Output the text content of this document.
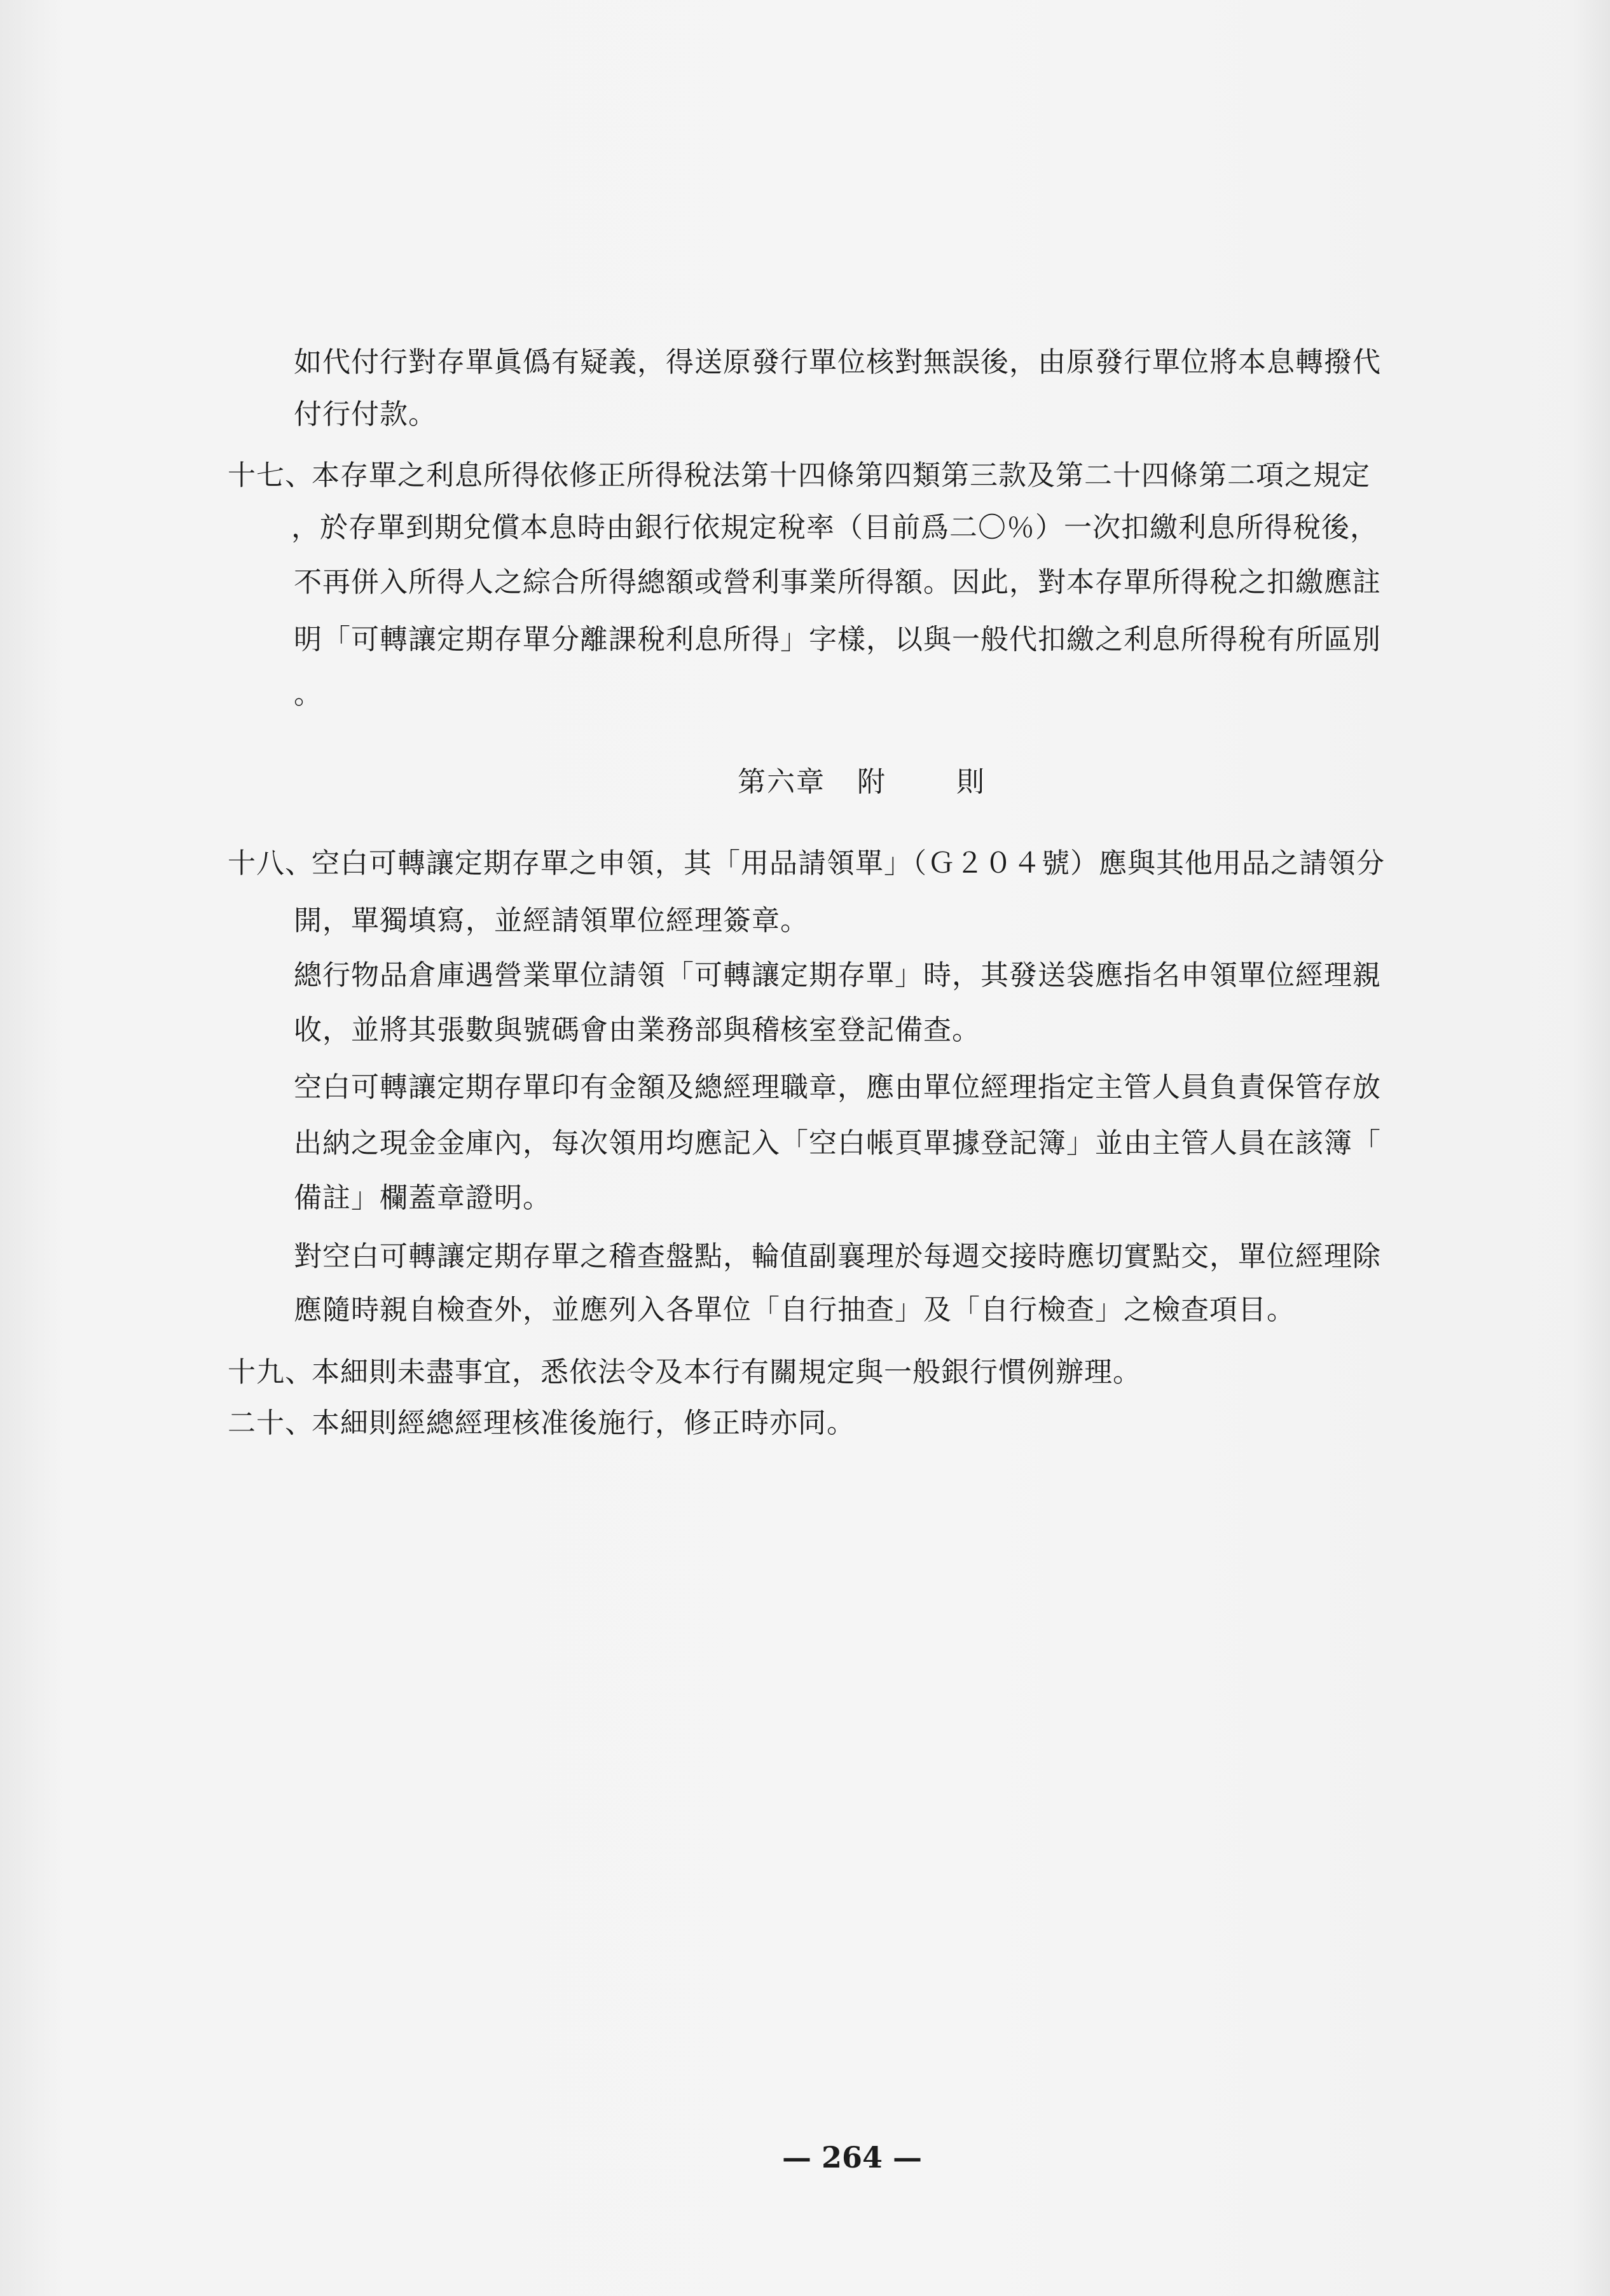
如代付行對存單眞僞有疑義，得送原發行單位核對無誤後，由原發行單位將本息轉撥代
付行付款。
十七、
本存單之利息所得依修正所得稅法第十四條第四類第三款及第二十四條第二項之規定
，於存單到期兌償本息時由銀行依規定稅率（目前爲二〇％）一次扣繳利息所得稅後，
不再併入所得人之綜合所得總額或營利事業所得額。因此，對本存單所得稅之扣繳應註
明「可轉讓定期存單分離課稅利息所得」字樣，以與一般代扣繳之利息所得稅有所區別
。
第六章 附	則
十八、
空白可轉讓定期存單之申領，其「用品請領單」（Ｇ２０４號）應與其他用品之請領分
開，單獨填寫，並經請領單位經理簽章。
總行物品倉庫遇營業單位請領「可轉讓定期存單」時，其發送袋應指名申領單位經理親
收，並將其張數與號碼會由業務部與稽核室登記備查。
空白可轉讓定期存單印有金額及總經理職章，應由單位經理指定主管人員負責保管存放
出納之現金金庫內，每次領用均應記入「空白帳頁單據登記簿」並由主管人員在該簿「
備註」欄蓋章證明。
對空白可轉讓定期存單之稽查盤點，輪值副襄理於每週交接時應切實點交，單位經理除
應隨時親自檢查外，並應列入各單位「自行抽查」及「自行檢查」之檢查項目。
十九、
本細則未盡事宜，悉依法令及本行有關規定與一般銀行慣例辦理。
二十、
本細則經總經理核准後施行，修正時亦同。
— 264 —
